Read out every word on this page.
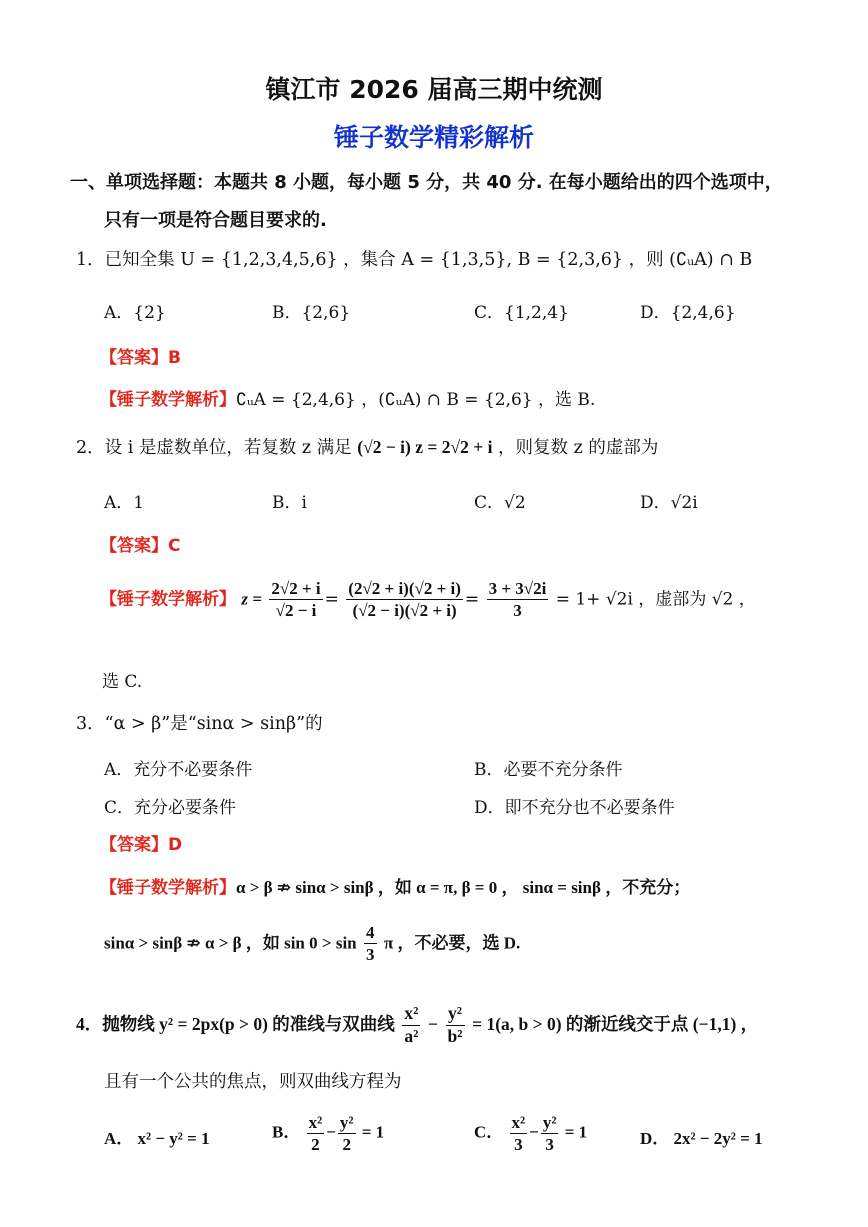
镇江市 2026 届高三期中统测
锤子数学精彩解析
一、单项选择题：本题共 8 小题，每小题 5 分，共 40 分. 在每小题给出的四个选项中，
只有一项是符合题目要求的.
1．已知全集 U = {1,2,3,4,5,6} ，集合 A = {1,3,5}, B = {2,3,6} ，则 (∁ᵤA) ∩ B
A．{2}	B．{2,6}	C．{1,2,4}	D．{2,4,6}
【答案】B
【锤子数学解析】∁ᵤA = {2,4,6} ，(∁ᵤA) ∩ B = {2,6} ，选 B.
2．设 i 是虚数单位，若复数 z 满足 (√2 − i) z = 2√2 + i ，则复数 z 的虚部为
A．1	B．i	C．√2	D．√2i
【答案】C
【锤子数学解析】 $z = \frac{2√2 + i}{√2 - i} = \frac{(2√2 + i)(√2 + i)}{(√2 - i)(√2 + i)} = \frac{3 + 3√2i}{3} = 1+ √2i$ ，虚部为 √2 ，
选 C.
3．“α > β”是“sinα > sinβ”的
A．充分不必要条件	B．必要不充分条件
C．充分必要条件	D．即不充分也不必要条件
【答案】D
【锤子数学解析】α > β ⇏ sinα > sinβ ，如 α = π, β = 0 ， sinα = sinβ ，不充分；
sinα > sinβ ⇏ α > β ，如 $\sin 0 > \sin \frac{4}{3}$ π ，不必要，选 D.
4．抛物线 y² = 2px(p > 0) 的准线与双曲线 $\frac{\text{x²}}{\text{a²}} - \frac{\text{y²}}{\text{b²}} = 1(a$, b > 0) 的渐近线交于点 (−1,1) ，
且有一个公共的焦点，则双曲线方程为
A． x² − y² = 1	B． $\frac{\text{x²}}{2} - \frac{\text{y²}}{2} = 1$	C． $\frac{\text{x²}}{3} - \frac{\text{y²}}{3} = 1$	D． 2x² − 2y² = 1
